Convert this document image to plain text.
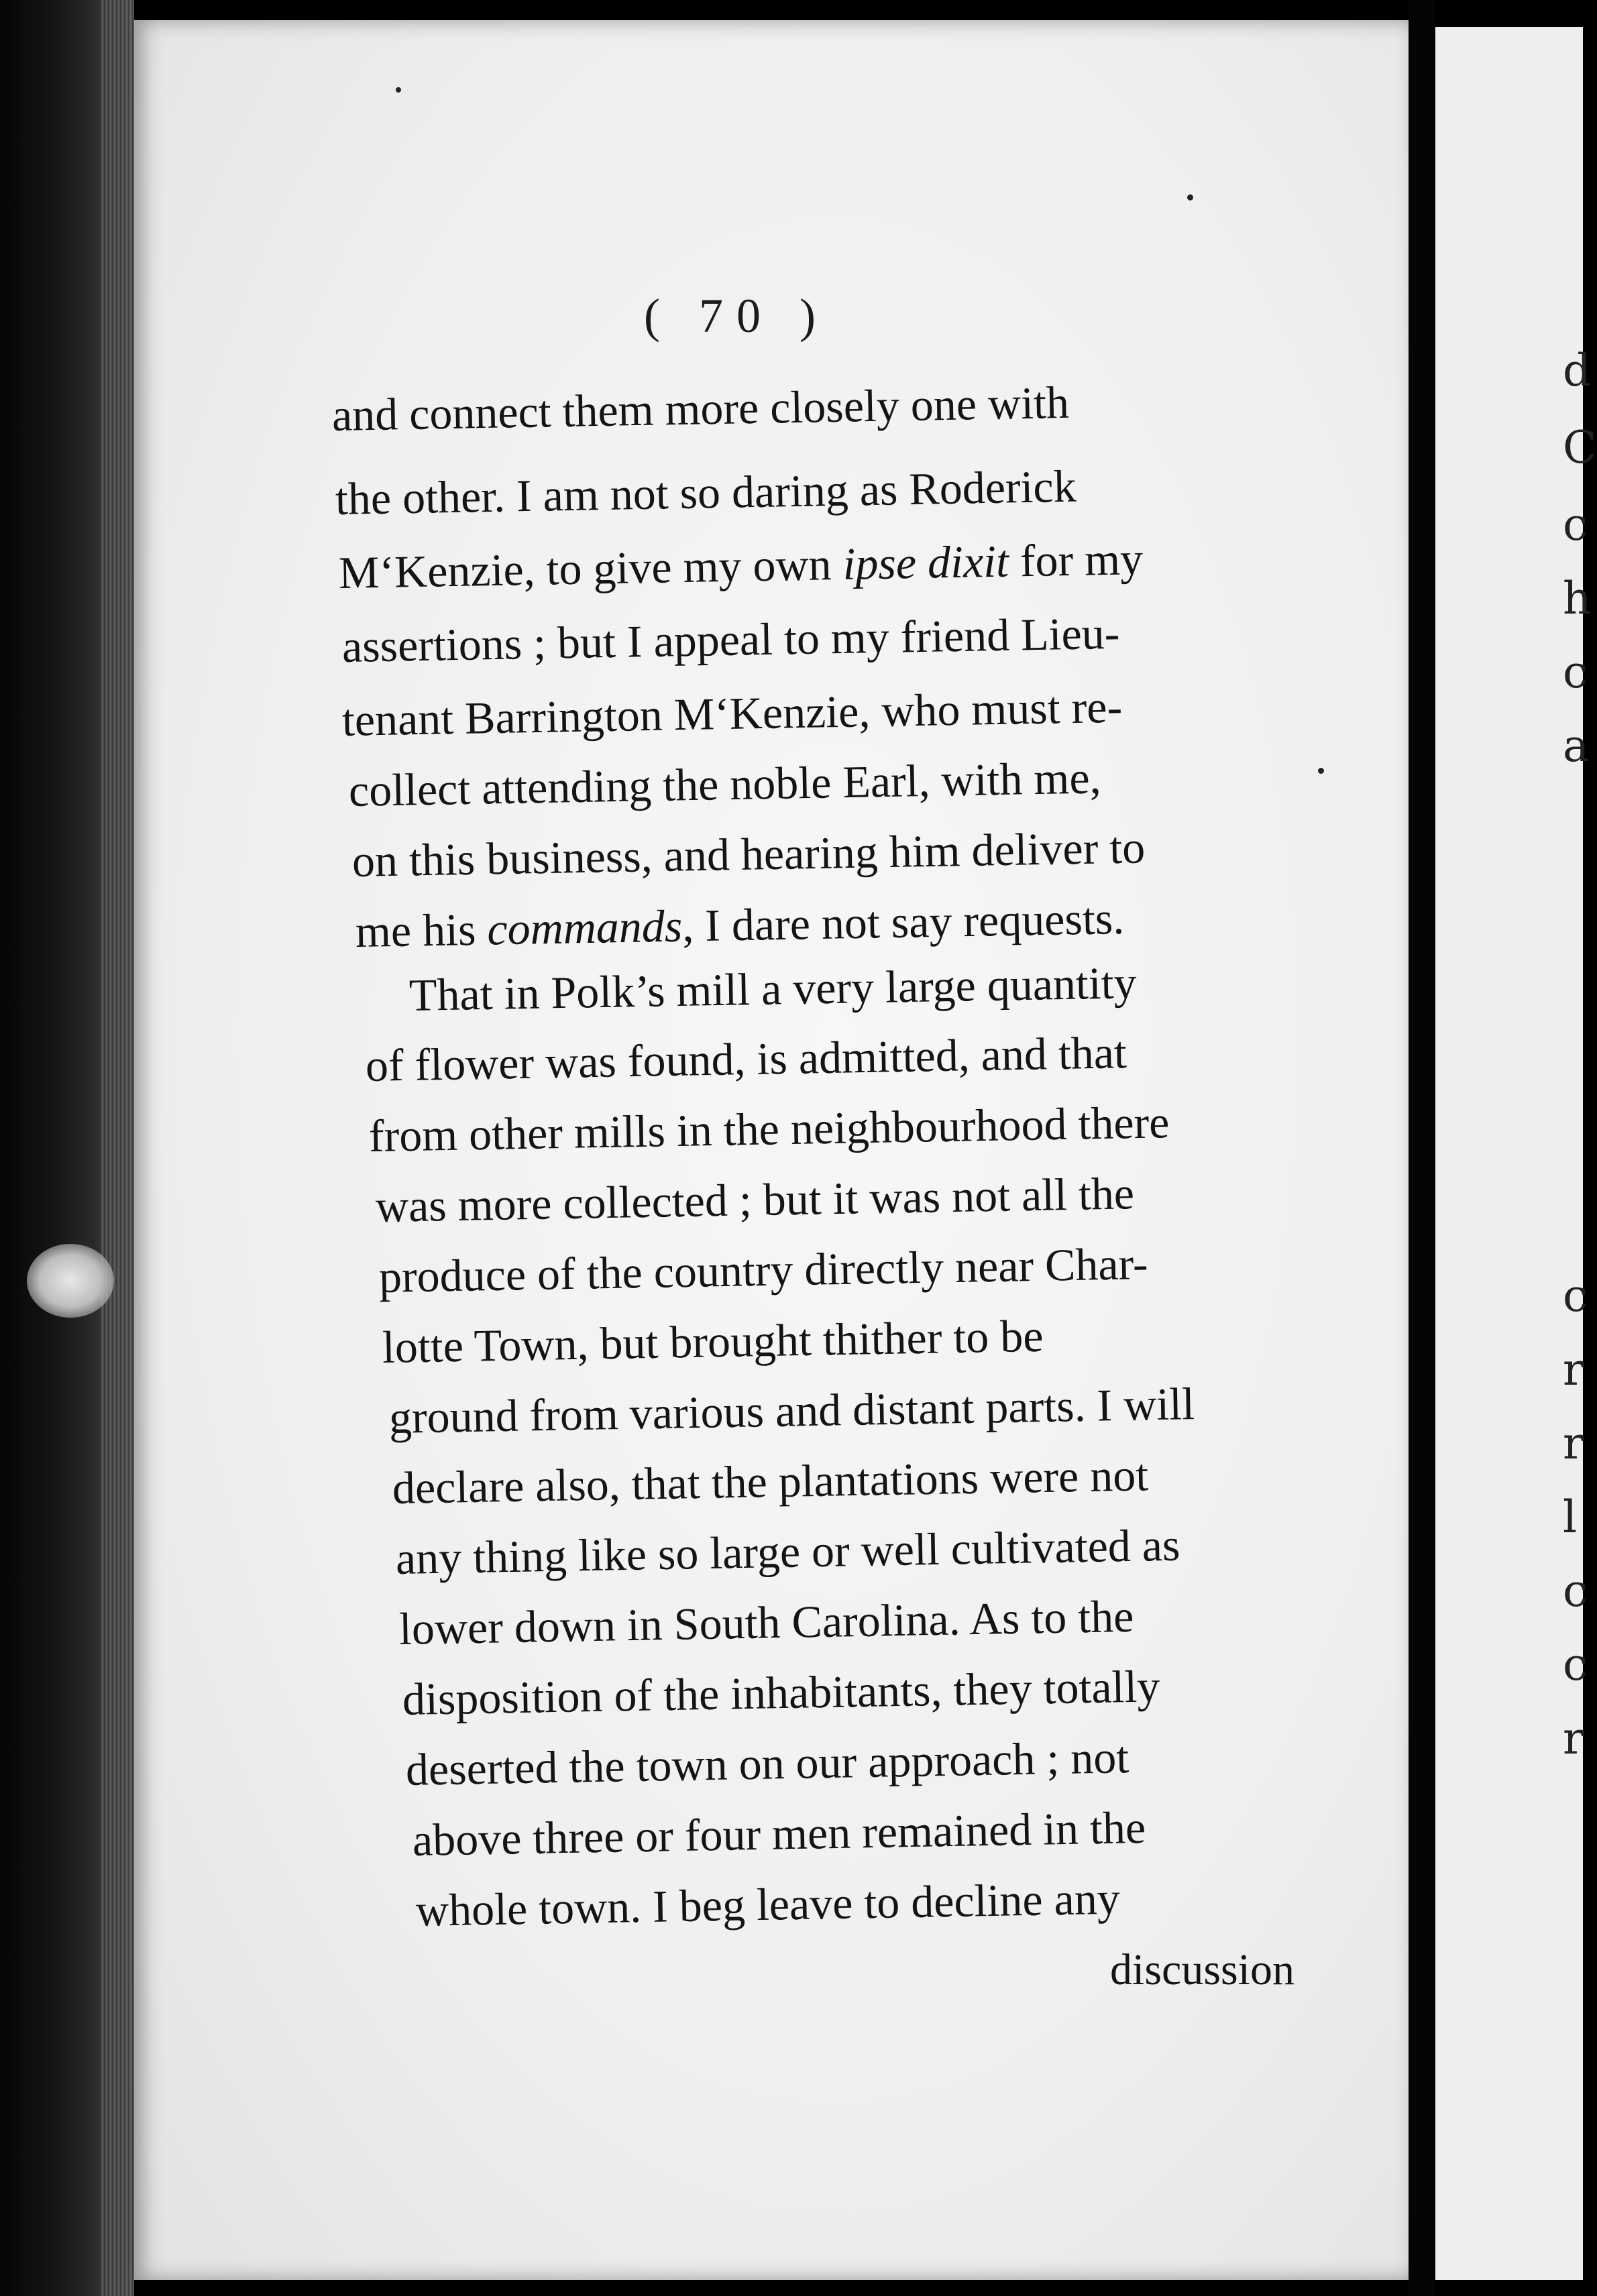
( 70 )
and connect them more closely one with
the other. I am not so daring as Roderick
M‘Kenzie, to give my own ipse dixit for my
assertions ; but I appeal to my friend Lieu-
tenant Barrington M‘Kenzie, who must re-
collect attending the noble Earl, with me,
on this business, and hearing him deliver to
me his commands, I dare not say requests.
That in Polk’s mill a very large quantity
of flower was found, is admitted, and that
from other mills in the neighbourhood there
was more collected ; but it was not all the
produce of the country directly near Char-
lotte Town, but brought thither to be
ground from various and distant parts. I will
declare also, that the plantations were not
any thing like so large or well cultivated as
lower down in South Carolina. As to the
disposition of the inhabitants, they totally
deserted the town on our approach ; not
above three or four men remained in the
whole town. I beg leave to decline any
discussion
d
C
c
h
c
a
c
r
r
l
c
c
r
